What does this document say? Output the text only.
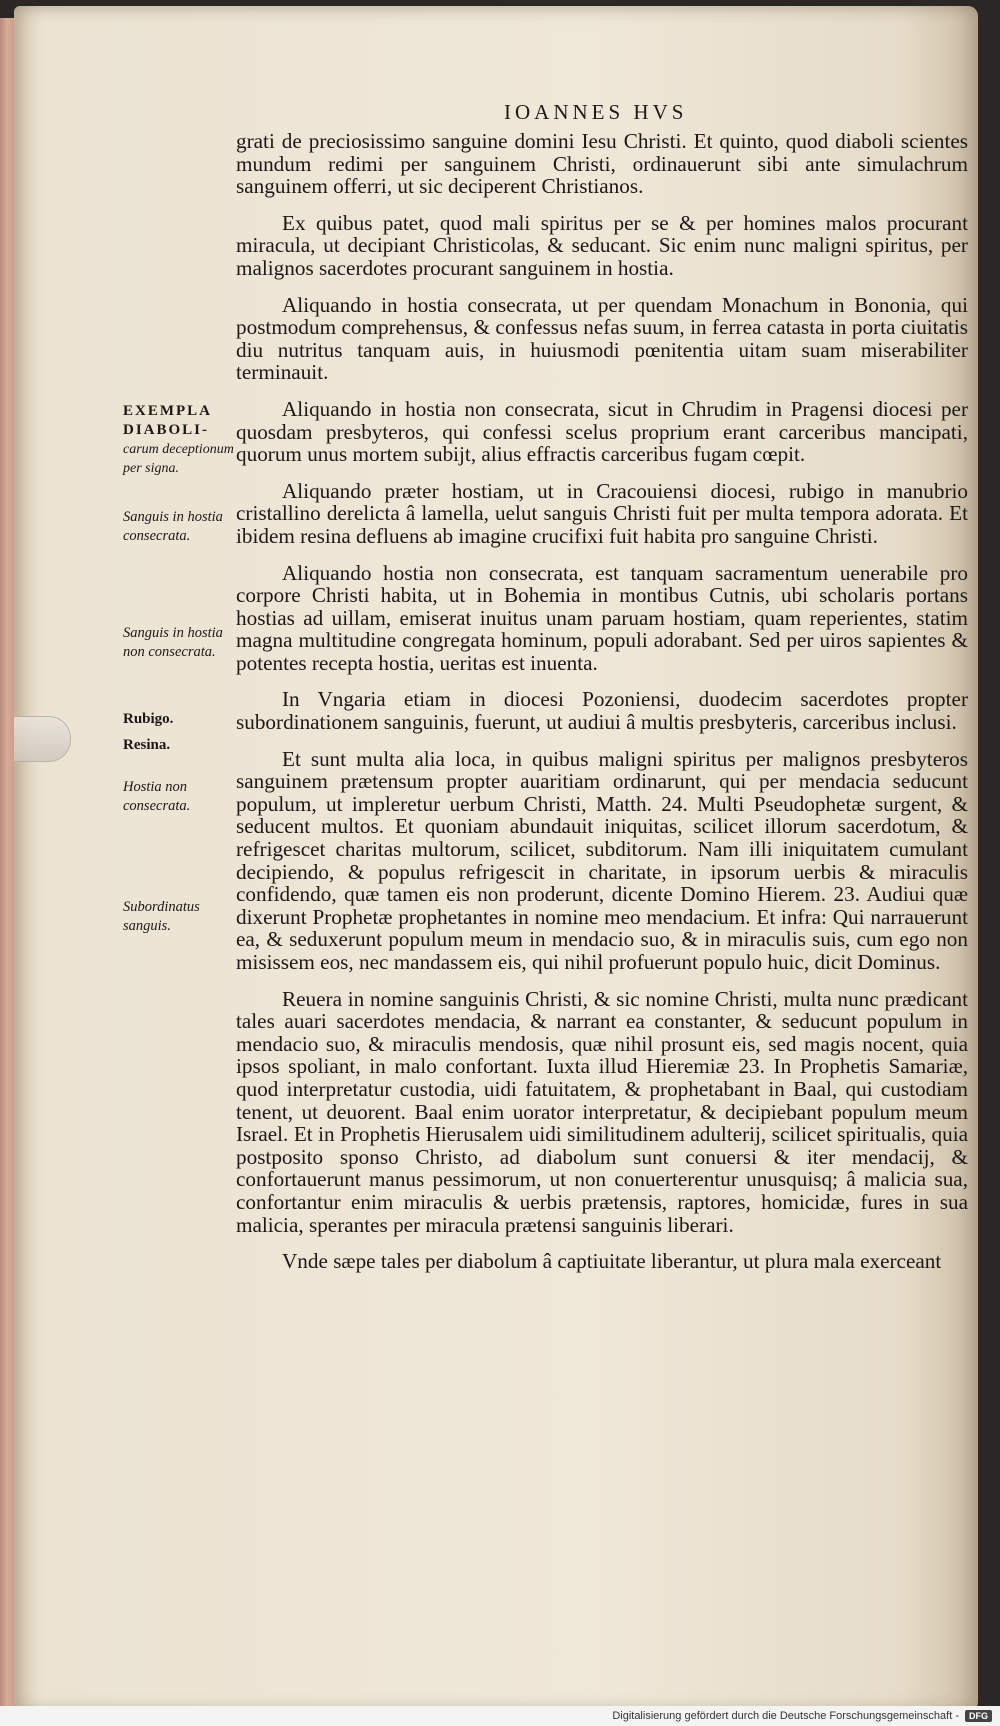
IOANNES HVS

grati de preciosissimo sanguine domini Iesu Christi. Et quinto, quod diaboli scientes mundum redimi per sanguinem Christi, ordinauerunt sibi ante simulachrum sanguinem offerri, ut sic deciperent Christianos.

Ex quibus patet, quod mali spiritus per se & per homines malos procurant miracula, ut decipiant Christicolas, & seducant. Sic enim nunc maligni spiritus, per malignos sacerdotes procurant sanguinem in hostia.

Aliquando in hostia consecrata, ut per quendam Monachum in Bononia, qui postmodum comprehensus, & confessus nefas suum, in ferrea catasta in porta ciuitatis diu nutritus tanquam auis, in huiusmodi pœnitentia uitam suam miserabiliter terminauit.

Aliquando in hostia non consecrata, sicut in Chrudim in Pragensi diocesi per quosdam presbyteros, qui confessi scelus proprium erant carceribus mancipati, quorum unus mortem subijt, alius effractis carceribus fugam cœpit.

Aliquando præter hostiam, ut in Cracouiensi diocesi, rubigo in manubrio cristallino derelicta â lamella, uelut sanguis Christi fuit per multa tempora adorata. Et ibidem resina defluens ab imagine crucifixi fuit habita pro sanguine Christi.

Aliquando hostia non consecrata, est tanquam sacramentum uenerabile pro corpore Christi habita, ut in Bohemia in montibus Cutnis, ubi scholaris portans hostias ad uillam, emiserat inuitus unam paruam hostiam, quam reperientes, statim magna multitudine congregata hominum, populi adorabant. Sed per uiros sapientes & potentes recepta hostia, ueritas est inuenta.

In Vngaria etiam in diocesi Pozoniensi, duodecim sacerdotes propter subordinationem sanguinis, fuerunt, ut audiui â multis presbyteris, carceribus inclusi.

Et sunt multa alia loca, in quibus maligni spiritus per malignos presbyteros sanguinem prætensum propter auaritiam ordinarunt, qui per mendacia seducunt populum, ut impleretur uerbum Christi, Matth. 24. Multi Pseudophetæ surgent, & seducent multos. Et quoniam abundauit iniquitas, scilicet illorum sacerdotum, & refrigescet charitas multorum, scilicet, subditorum. Nam illi iniquitatem cumulant decipiendo, & populus refrigescit in charitate, in ipsorum uerbis & miraculis confidendo, quæ tamen eis non proderunt, dicente Domino Hierem. 23. Audiui quæ dixerunt Prophetæ prophetantes in nomine meo mendacium. Et infra: Qui narrauerunt ea, & seduxerunt populum meum in mendacio suo, & in miraculis suis, cum ego non misissem eos, nec mandassem eis, qui nihil profuerunt populo huic, dicit Dominus.

Reuera in nomine sanguinis Christi, & sic nomine Christi, multa nunc prædicant tales auari sacerdotes mendacia, & narrant ea constanter, & seducunt populum in mendacio suo, & miraculis mendosis, quæ nihil prosunt eis, sed magis nocent, quia ipsos spoliant, in malo confortant. Iuxta illud Hieremiæ 23. In Prophetis Samariæ, quod interpretatur custodia, uidi fatuitatem, & prophetabant in Baal, qui custodiam tenent, ut deuorent. Baal enim uorator interpretatur, & decipiebant populum meum Israel. Et in Prophetis Hierusalem uidi similitudinem adulterij, scilicet spiritualis, quia postposito sponso Christo, ad diabolum sunt conuersi & iter mendacij, & confortauerunt manus pessimorum, ut non conuerterentur unusquisq; â malicia sua, confortantur enim miraculis & uerbis prætensis, raptores, homicidæ, fures in sua malicia, sperantes per miracula prætensi sanguinis liberari.

Vnde sæpe tales per diabolum â captiuitate liberantur, ut plura mala exerceant

EXEMPLA DIABOLI-
carum deceptionum per signa.
Sanguis in hostia consecrata.
Sanguis in hostia non consecrata.
Rubigo.
Resina.
Hostia non consecrata.
Subordinatus sanguis.
Digitalisierung gefördert durch die Deutsche Forschungsgemeinschaft -	DFG
